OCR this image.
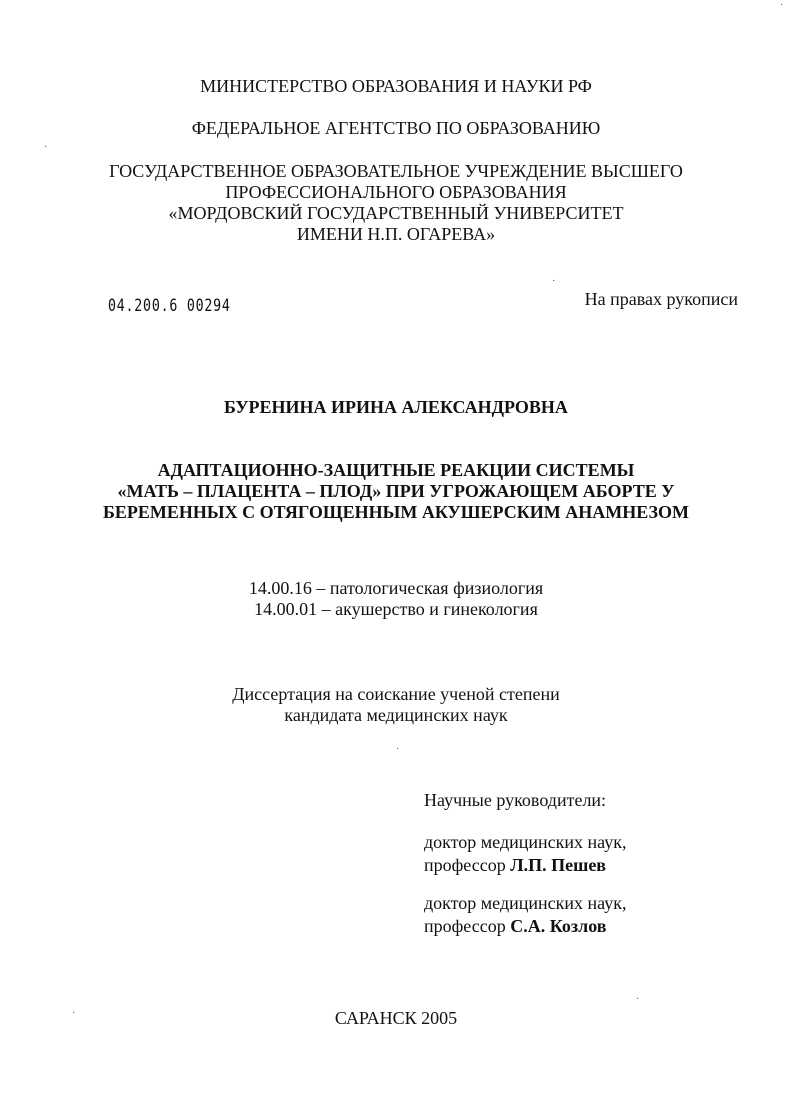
МИНИСТЕРСТВО ОБРАЗОВАНИЯ И НАУКИ РФ
ФЕДЕРАЛЬНОЕ АГЕНТСТВО ПО ОБРАЗОВАНИЮ
ГОСУДАРСТВЕННОЕ ОБРАЗОВАТЕЛЬНОЕ УЧРЕЖДЕНИЕ ВЫСШЕГО
ПРОФЕССИОНАЛЬНОГО ОБРАЗОВАНИЯ
«МОРДОВСКИЙ ГОСУДАРСТВЕННЫЙ УНИВЕРСИТЕТ
ИМЕНИ Н.П. ОГАРЕВА»
04.200.6 00294	На правах рукописи
БУРЕНИНА ИРИНА АЛЕКСАНДРОВНА
АДАПТАЦИОННО-ЗАЩИТНЫЕ РЕАКЦИИ СИСТЕМЫ
«МАТЬ – ПЛАЦЕНТА – ПЛОД» ПРИ УГРОЖАЮЩЕМ АБОРТЕ У
БЕРЕМЕННЫХ С ОТЯГОЩЕННЫМ АКУШЕРСКИМ АНАМНЕЗОМ
14.00.16 – патологическая физиология
14.00.01 – акушерство и гинекология
Диссертация на соискание ученой степени
кандидата медицинских наук
Научные руководители:
доктор медицинских наук,
профессор Л.П. Пешев
доктор медицинских наук,
профессор С.А. Козлов
САРАНСК 2005
·
·
·
·
·
·
